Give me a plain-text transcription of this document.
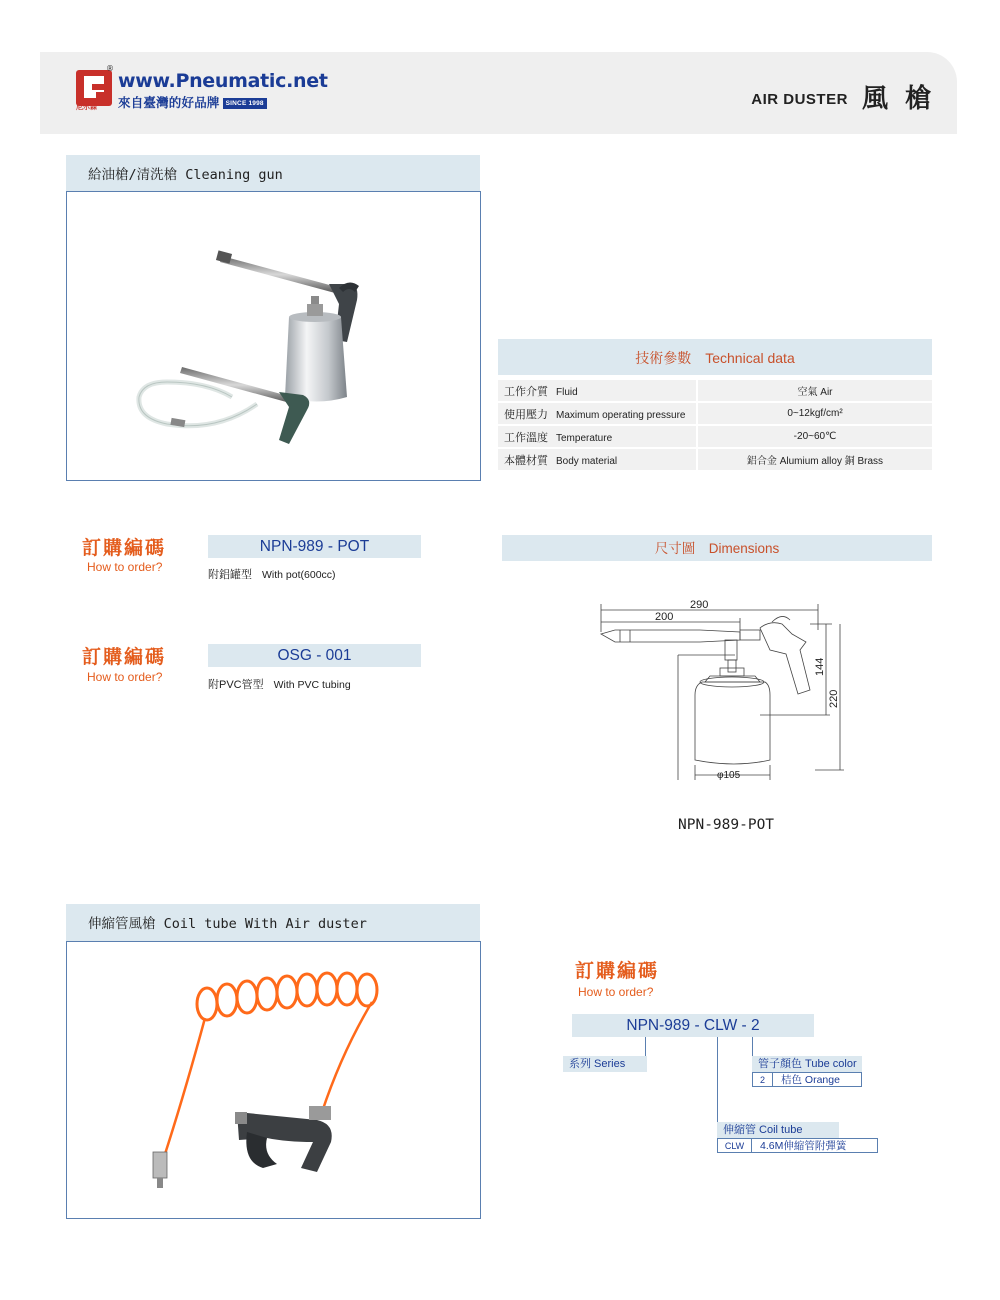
尼尔森
®
www.Pneumatic.net
來自臺灣的好品牌 SINCE 1998	AIR DUSTER 風 槍
給油槍/清洗槍 Cleaning gun
技術參數　Technical data
工作介質 Fluid	空氣 Air
使用壓力 Maximum operating pressure	0~12kgf/cm²
工作溫度 Temperature	-20~60℃
本體材質 Body material	鋁合金 Alumium alloy 銅 Brass
訂購編碼
How to order?
NPN-989 - POT
附鋁罐型 With pot(600cc)
訂購編碼
How to order?
OSG - 001
附PVC管型 With PVC tubing
尺寸圖　Dimensions
290
200
144
220
φ105
NPN-989-POT
伸縮管風槍 Coil tube With Air duster
訂購編碼
How to order?
NPN-989 - CLW - 2
系列 Series	管子顏色 Tube color
2 桔色 Orange
伸縮管 Coil tube
CLW 4.6M伸縮管附彈簧
